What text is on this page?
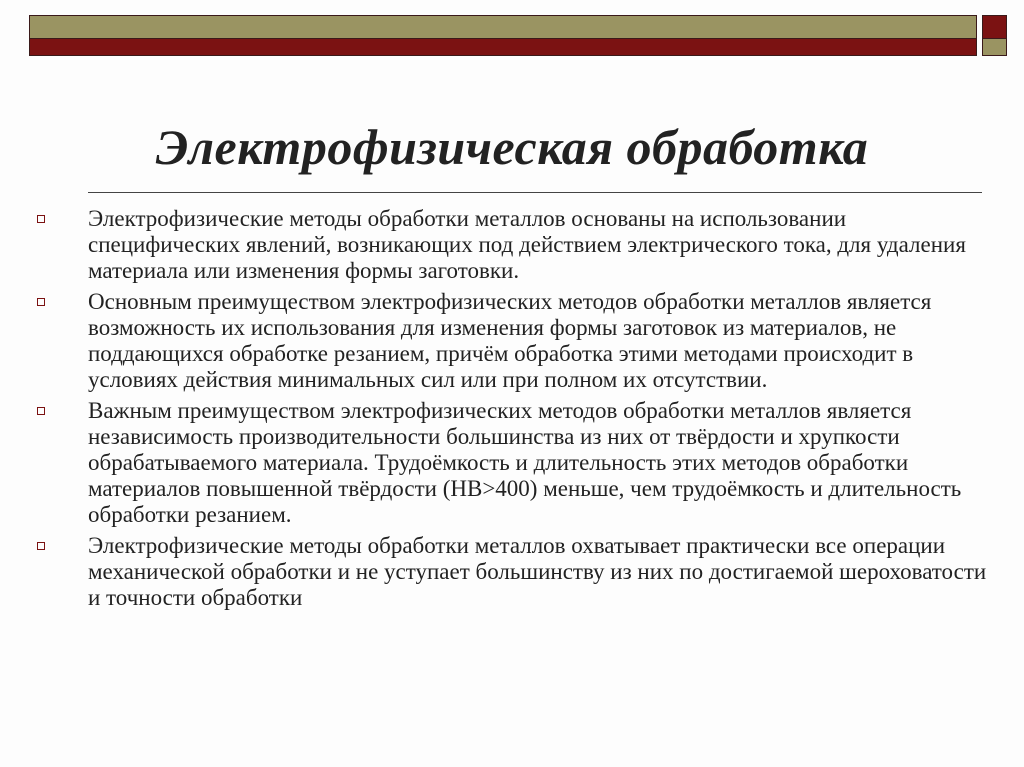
Электрофизическая обработка
Электрофизические методы обработки металлов основаны на использовании специфических явлений, возникающих под действием электрического тока, для удаления материала или изменения формы заготовки.
Основным преимуществом электрофизических методов обработки металлов является возможность их использования для изменения формы заготовок из материалов, не поддающихся обработке резанием, причём обработка этими методами происходит в условиях действия минимальных сил или при полном их отсутствии.
Важным преимуществом электрофизических методов обработки металлов является независимость производительности большинства из них от твёрдости и хрупкости обрабатываемого материала. Трудоёмкость и длительность этих методов обработки материалов повышенной твёрдости (HB>400) меньше, чем трудоёмкость и длительность обработки резанием.
Электрофизические методы обработки металлов охватывает практически все операции механической обработки и не уступает большинству из них по достигаемой шероховатости и точности обработки
